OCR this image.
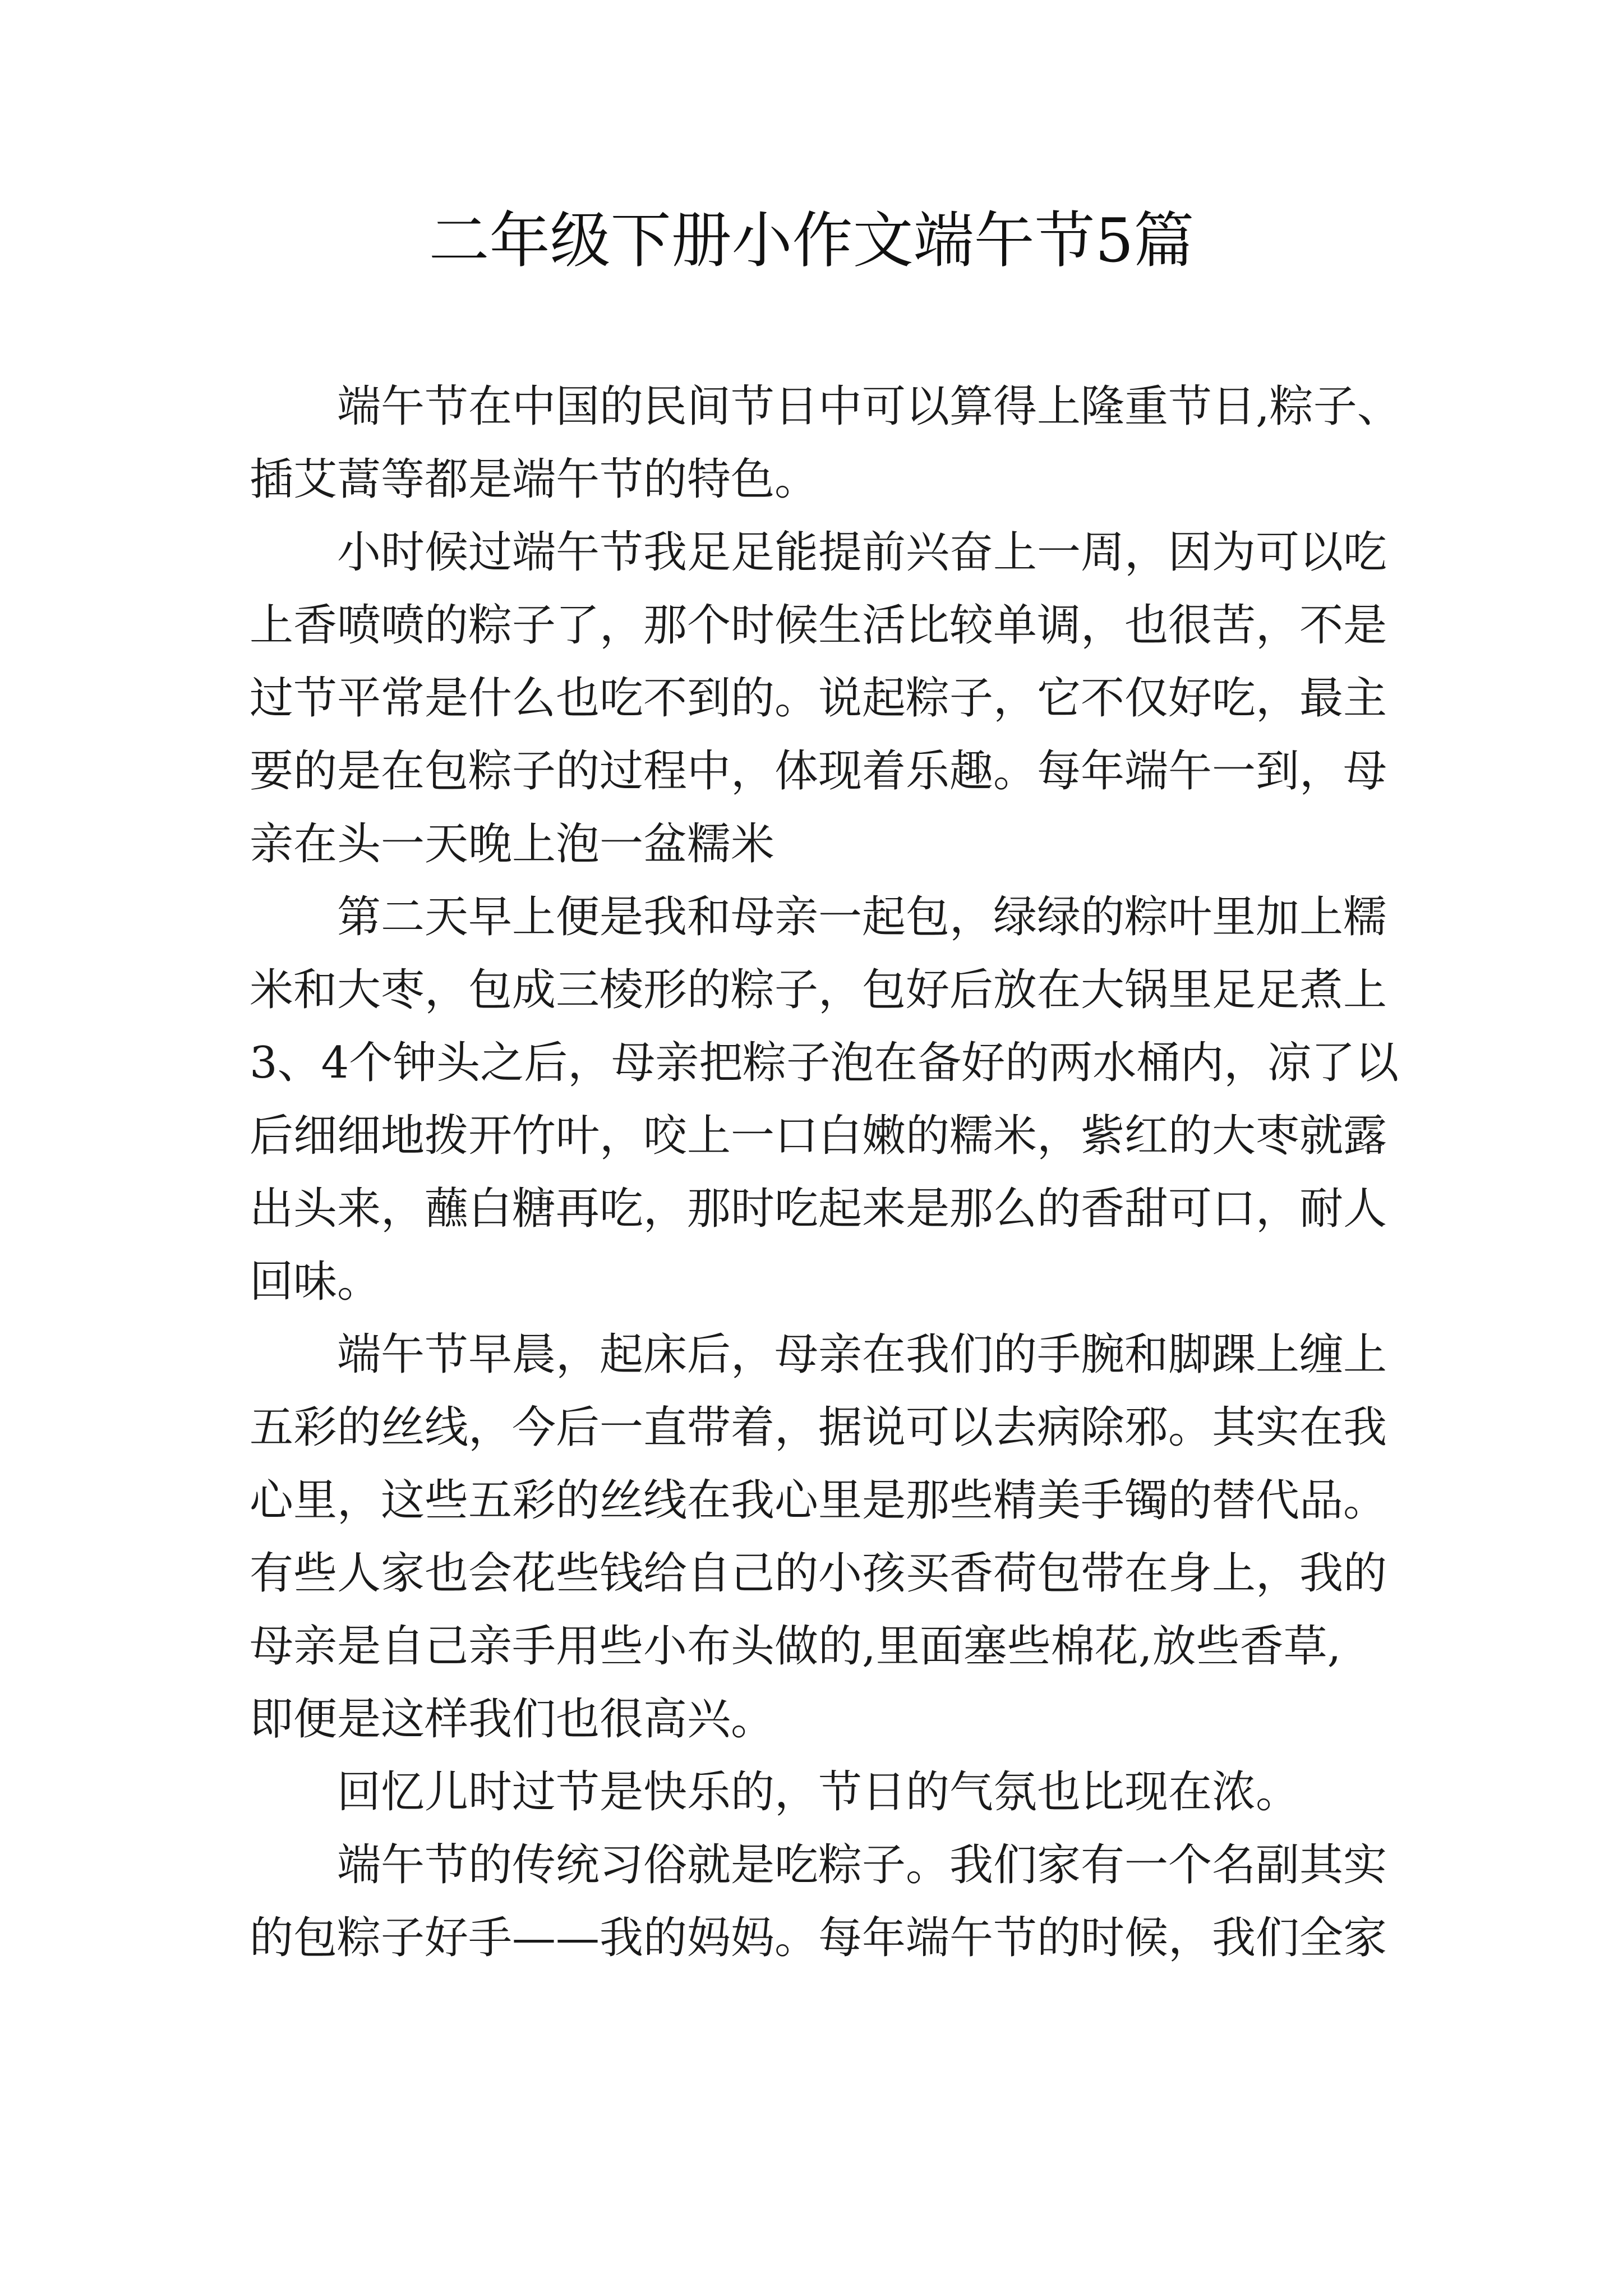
二年级下册小作文端午节5篇

端午节在中国的民间节日中可以算得上隆重节日,粽子、
插艾蒿等都是端午节的特色。

小时候过端午节我足足能提前兴奋上一周，因为可以吃
上香喷喷的粽子了，那个时候生活比较单调，也很苦，不是
过节平常是什么也吃不到的。说起粽子，它不仅好吃，最主
要的是在包粽子的过程中，体现着乐趣。每年端午一到，母
亲在头一天晚上泡一盆糯米

第二天早上便是我和母亲一起包，绿绿的粽叶里加上糯
米和大枣，包成三棱形的粽子，包好后放在大锅里足足煮上
3、4个钟头之后，母亲把粽子泡在备好的两水桶内，凉了以
后细细地拨开竹叶，咬上一口白嫩的糯米，紫红的大枣就露
出头来，蘸白糖再吃，那时吃起来是那么的香甜可口，耐人
回味。

端午节早晨，起床后，母亲在我们的手腕和脚踝上缠上
五彩的丝线，今后一直带着，据说可以去病除邪。其实在我
心里，这些五彩的丝线在我心里是那些精美手镯的替代品。
有些人家也会花些钱给自己的小孩买香荷包带在身上，我的
母亲是自己亲手用些小布头做的,里面塞些棉花,放些香草,
即便是这样我们也很高兴。

回忆儿时过节是快乐的，节日的气氛也比现在浓。

端午节的传统习俗就是吃粽子。我们家有一个名副其实
的包粽子好手——我的妈妈。每年端午节的时候，我们全家
